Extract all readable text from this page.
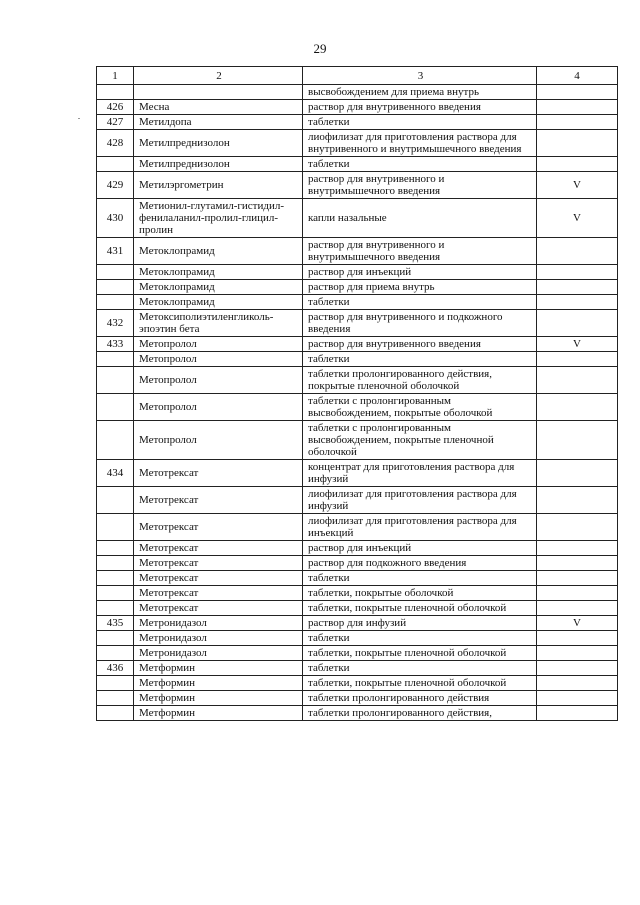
29
1	2	3	4
		высвобождением для приема внутрь	
426	Месна	раствор для внутривенного введения	
427	Метилдопа	таблетки	
428	Метилпреднизолон	лиофилизат для приготовления раствора для внутривенного и внутримышечного введения	
	Метилпреднизолон	таблетки	
429	Метилэргометрин	раствор для внутривенного и внутримышечного введения	V
430	Метионил-глутамил-гистидил-фенилаланил-пролил-глицил-пролин	капли назальные	V
431	Метоклопрамид	раствор для внутривенного и внутримышечного введения	
	Метоклопрамид	раствор для инъекций	
	Метоклопрамид	раствор для приема внутрь	
	Метоклопрамид	таблетки	
432	Метоксиполиэтиленгликоль-эпоэтин бета	раствор для внутривенного и подкожного введения	
433	Метопролол	раствор для внутривенного введения	V
	Метопролол	таблетки	
	Метопролол	таблетки пролонгированного действия, покрытые пленочной оболочкой	
	Метопролол	таблетки с пролонгированным высвобождением, покрытые оболочкой	
	Метопролол	таблетки с пролонгированным высвобождением, покрытые пленочной оболочкой	
434	Метотрексат	концентрат для приготовления раствора для инфузий	
	Метотрексат	лиофилизат для приготовления раствора для инфузий	
	Метотрексат	лиофилизат для приготовления раствора для инъекций	
	Метотрексат	раствор для инъекций	
	Метотрексат	раствор для подкожного введения	
	Метотрексат	таблетки	
	Метотрексат	таблетки, покрытые оболочкой	
	Метотрексат	таблетки, покрытые пленочной оболочкой	
435	Метронидазол	раствор для инфузий	V
	Метронидазол	таблетки	
	Метронидазол	таблетки, покрытые пленочной оболочкой	
436	Метформин	таблетки	
	Метформин	таблетки, покрытые пленочной оболочкой	
	Метформин	таблетки пролонгированного действия	
	Метформин	таблетки пролонгированного действия,	
